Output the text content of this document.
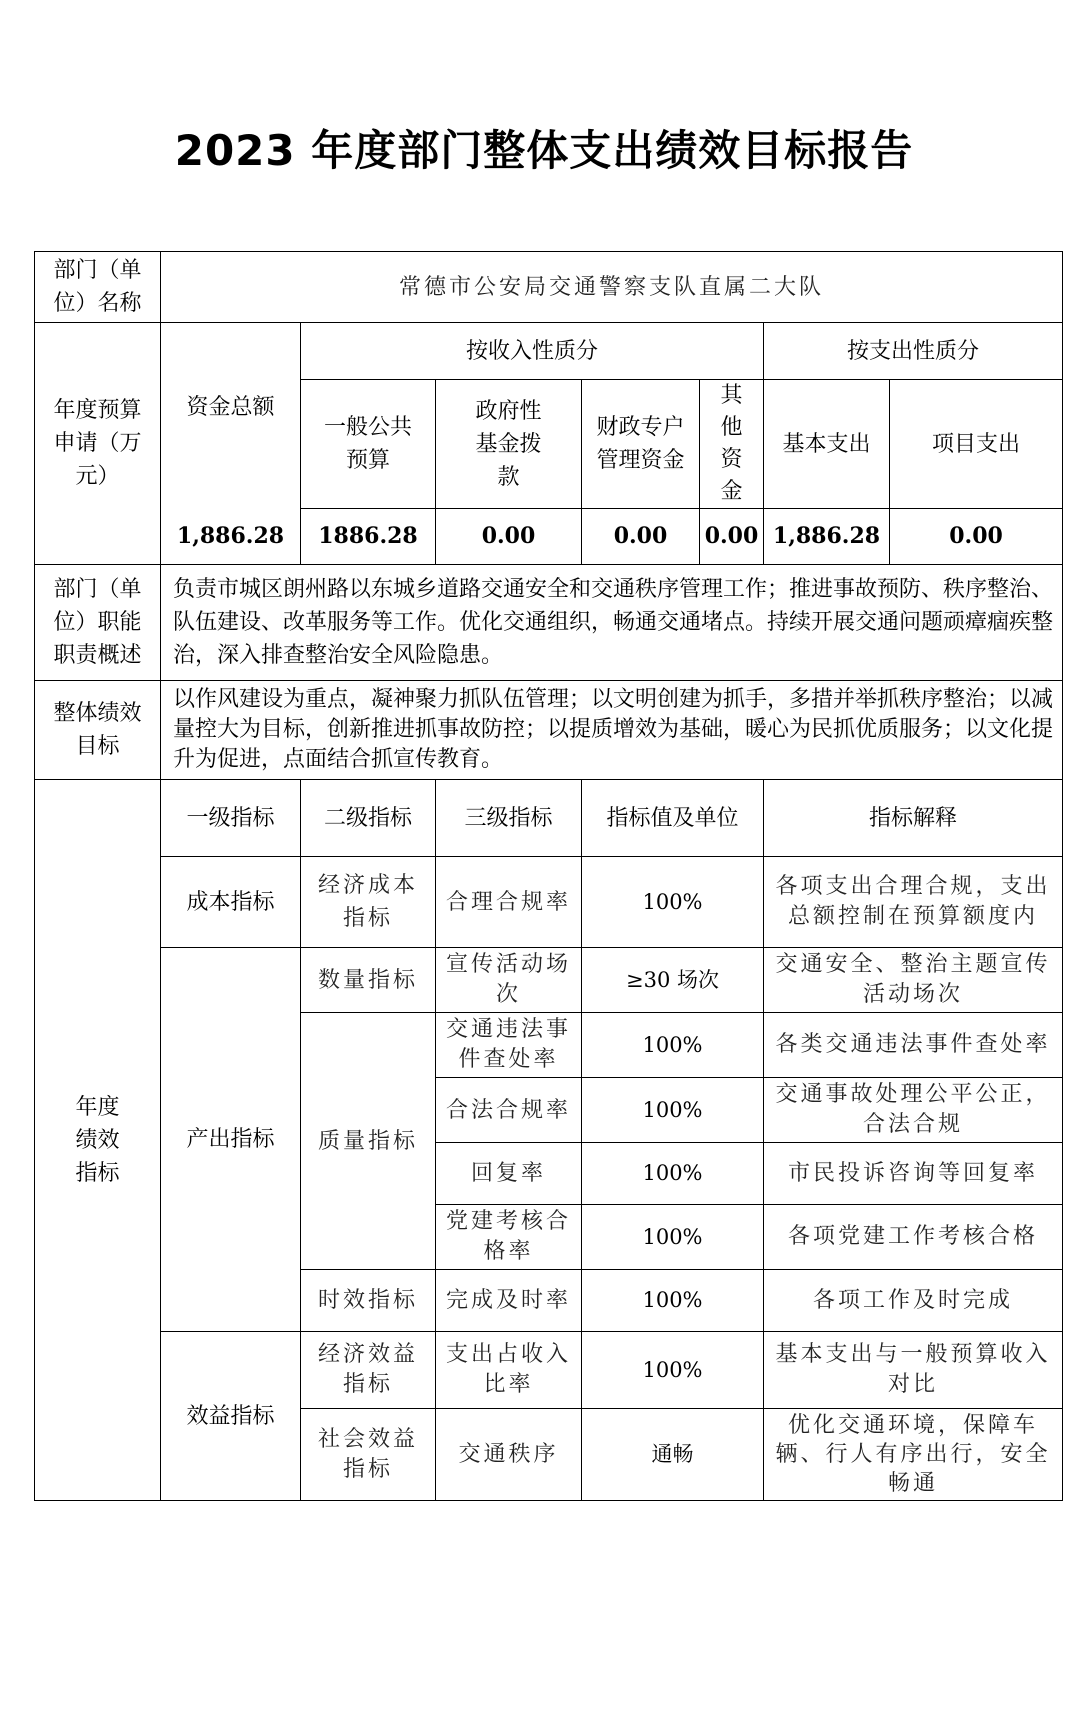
2023 年度部门整体支出绩效目标报告
部门（单位）名称	常德市公安局交通警察支队直属二大队						
年度预算申请（万元）	资金总额	按收入性质分				按支出性质分	
		一般公共预算	政府性基金拨款	财政专户管理资金	其他资金	基本支出	项目支出

	1,886.28	1886.28	0.00	0.00	0.00	1,886.28	0.00
部门（单位）职能职责概述	负责市城区朗州路以东城乡道路交通安全和交通秩序管理工作；推进事故预防、秩序整治、队伍建设、改革服务等工作。优化交通组织，畅通交通堵点。持续开展交通问题顽瘴痼疾整治，深入排查整治安全风险隐患。						
整体绩效目标	以作风建设为重点，凝神聚力抓队伍管理；以文明创建为抓手，多措并举抓秩序整治；以减量控大为目标，创新推进抓事故防控；以提质增效为基础，暖心为民抓优质服务；以文化提升为促进，点面结合抓宣传教育。						
年度绩效指标	一级指标	二级指标	三级指标	指标值及单位		指标解释	
	成本指标	经济成本指标	合理合规率	100%		各项支出合理合规，支出总额控制在预算额度内	
	产出指标	数量指标	宣传活动场次	≥30 场次		交通安全、整治主题宣传活动场次	
		质量指标	交通违法事件查处率	100%		各类交通违法事件查处率	
			合法合规率	100%		交通事故处理公平公正，合法合规	
			回复率	100%		市民投诉咨询等回复率	
			党建考核合格率	100%		各项党建工作考核合格	
		时效指标	完成及时率	100%		各项工作及时完成	
	效益指标	经济效益指标	支出占收入比率	100%		基本支出与一般预算收入对比	
		社会效益指标	交通秩序	通畅		优化交通环境，保障车辆、行人有序出行，安全畅通	
